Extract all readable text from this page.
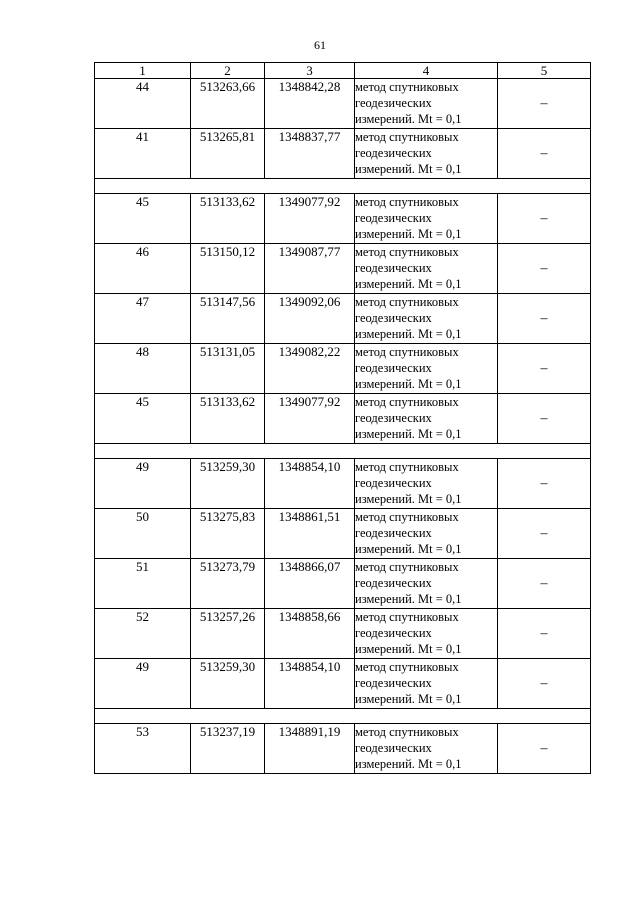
61
1	2	3	4	5
44	513263,66	1348842,28	метод спутниковых
геодезических
измерений. Mt = 0,1	–
41	513265,81	1348837,77	метод спутниковых
геодезических
измерений. Mt = 0,1	–

45	513133,62	1349077,92	метод спутниковых
геодезических
измерений. Mt = 0,1	–
46	513150,12	1349087,77	метод спутниковых
геодезических
измерений. Mt = 0,1	–
47	513147,56	1349092,06	метод спутниковых
геодезических
измерений. Mt = 0,1	–
48	513131,05	1349082,22	метод спутниковых
геодезических
измерений. Mt = 0,1	–
45	513133,62	1349077,92	метод спутниковых
геодезических
измерений. Mt = 0,1	–

49	513259,30	1348854,10	метод спутниковых
геодезических
измерений. Mt = 0,1	–
50	513275,83	1348861,51	метод спутниковых
геодезических
измерений. Mt = 0,1	–
51	513273,79	1348866,07	метод спутниковых
геодезических
измерений. Mt = 0,1	–
52	513257,26	1348858,66	метод спутниковых
геодезических
измерений. Mt = 0,1	–
49	513259,30	1348854,10	метод спутниковых
геодезических
измерений. Mt = 0,1	–

53	513237,19	1348891,19	метод спутниковых
геодезических
измерений. Mt = 0,1	–
